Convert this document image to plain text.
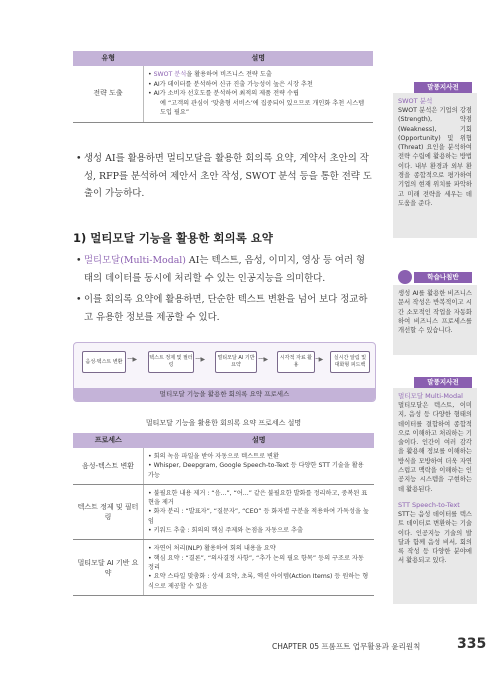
유형	설명
전략 도출	• SWOT 분석을 활용하여 비즈니스 전략 도출
• AI가 데이터를 분석하여 신규 진출 가능성이 높은 시장 추천
• AI가 소비자 선호도를 분석하여 최적의 제품 전략 수립
예 “고객의 관심이 ‘맞춤형 서비스’에 집중되어 있으므로 개인화 추천 시스템 도입 필요”
• 생성 AI를 활용하면 멀티모달을 활용한 회의록 요약, 계약서 초안의 작성, RFP를 분석하여 제안서 초안 작성, SWOT 분석 등을 통한 전략 도출이 가능하다.
1) 멀티모달 기능을 활용한 회의록 요약
• 멀티모달(Multi-Modal) AI는 텍스트, 음성, 이미지, 영상 등 여러 형태의 데이터를 동시에 처리할 수 있는 인공지능을 의미한다.
• 이를 회의록 요약에 활용하면, 단순한 텍스트 변환을 넘어 보다 정교하고 유용한 정보를 제공할 수 있다.
음성·텍스트 변환 ······▶	텍스트 정제 및 필터링
······▶	멀티모달 AI 기반 요약
······▶	시각적 자료 활용
····▶	실시간 알림 및 대화형 피드백
멀티모달 기능을 활용한 회의록 요약 프로세스
멀티모달 기능을 활용한 회의록 요약 프로세스 설명
프로세스	설명
음성-텍스트 변환	• 회의 녹음 파일을 받아 자동으로 텍스트로 변환
• Whisper, Deepgram, Google Speech-to-Text 등 다양한 STT 기술을 활용 가능

텍스트 정제 및 필터링	• 불필요한 내용 제거 : “음...”, “어...” 같은 불필요한 발화를 정리하고, 중복된 표현을 제거
• 화자 분리 : “발표자”, “질문자”, “CEO” 등 화자별 구분을 적용하여 가독성을 높임
• 키워드 추출 : 회의의 핵심 주제와 논점을 자동으로 추출

멀티모달 AI 기반 요약	• 자연어 처리(NLP) 활용하여 회의 내용을 요약
• 핵심 요약 : “결론”, “의사결정 사항”, “추가 논의 필요 항목” 등의 구조로 자동 정리
• 요약 스타일 맞춤화 : 상세 요약, 초록, 액션 아이템(Action Items) 등 원하는 형식으로 제공할 수 있음
말풍지사전
SWOT 분석
SWOT 분석은 기업의 강점(Strength), 약점(Weakness), 기회(Opportunity) 및 위협(Threat) 요인을 분석하여 전략 수립에 활용하는 방법이다. 내부 환경과 외부 환경을 종합적으로 평가하여 기업의 현재 위치를 파악하고 미래 전략을 세우는 데 도움을 준다.
학습나침반
생성 AI를 활용한 비즈니스 문서 작성은 반복적이고 시간 소모적인 작업을 자동화하여 비즈니스 프로세스를 개선할 수 있습니다.
말풍지사전
멀티모달 Multi-Modal
멀티모달은 텍스트, 이미지, 음성 등 다양한 형태의 데이터를 결합하여 종합적으로 이해하고 처리하는 기술이다. 인간이 여러 감각을 활용해 정보를 이해하는 방식을 모방하여 더욱 자연스럽고 맥락을 이해하는 인공지능 시스템을 구현하는 데 활용된다.
STT Speech-to-Text
STT는 음성 데이터를 텍스트 데이터로 변환하는 기술이다. 인공지능 기술의 발달과 함께 음성 비서, 회의록 작성 등 다양한 분야에서 활용되고 있다.
CHAPTER 05 프롬프트 업무활용과 윤리원칙	335
